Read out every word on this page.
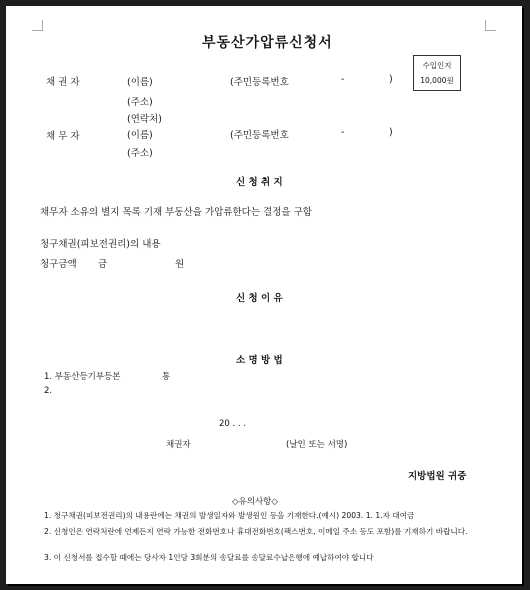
부동산가압류신청서
수입인지
10,000원
채 권 자	(이름)	(주민등록번호	-	)
(주소)
(연락처)
채 무 자	(이름)	(주민등록번호	-	)
(주소)
신 청 취 지
채무자 소유의 별지 목록 기재 부동산을 가압류한다는 결정을 구함
청구채권(피보전권리)의 내용
청구금액 금	원
신 청 이 유
소 명 방 법
1. 부동산등기부등본	통
2.
20 . . .
채권자	(날인 또는 서명)
지방법원 귀중
◇유의사항◇
1. 청구채권(피보전권리)의 내용란에는 채권의 발생일자와 발생원인 등을 기재한다.(예시) 2003. 1. 1.자 대여금
2. 신청인은 연락처란에 언제든지 연락 가능한 전화번호나 휴대전화번호(팩스번호, 이메일 주소 등도 포함)를 기재하기 바랍니다.
3. 이 신청서를 접수할 때에는 당사자 1인당 3회분의 송달료를 송달료수납은행에 예납하여야 합니다
